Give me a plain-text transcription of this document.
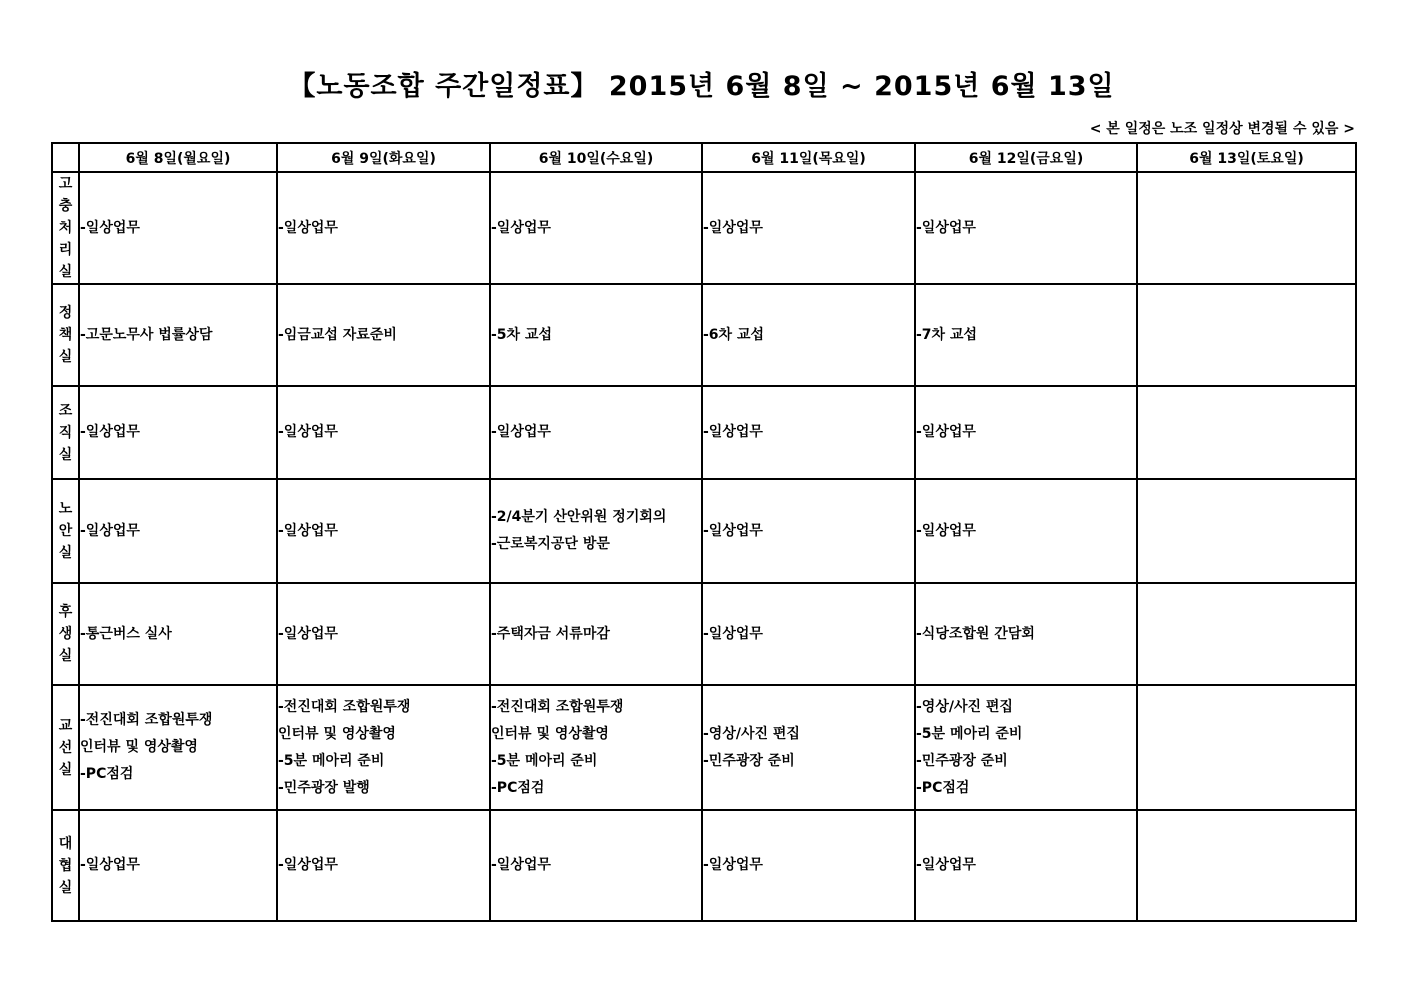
【노동조합 주간일정표】 2015년 6월 8일 ~ 2015년 6월 13일
< 본 일정은 노조 일정상 변경될 수 있음 >
	6월 8일(월요일)	6월 9일(화요일)	6월 10일(수요일)	6월 11일(목요일)	6월 12일(금요일)	6월 13일(토요일)

고
충
처
리
실	-일상업무	-일상업무	-일상업무	-일상업무	-일상업무	

정
책
실	-고문노무사 법률상담	-임금교섭 자료준비	-5차 교섭	-6차 교섭	-7차 교섭	

조
직
실	-일상업무	-일상업무	-일상업무	-일상업무	-일상업무	

노
안
실	-일상업무	-일상업무	-2/4분기 산안위원 정기회의
-근로복지공단 방문	-일상업무	-일상업무	

후
생
실	-통근버스 실사	-일상업무	-주택자금 서류마감	-일상업무	-식당조합원 간담회	

교
선
실	-전진대회 조합원투쟁
인터뷰 및 영상촬영
-PC점검	-전진대회 조합원투쟁
인터뷰 및 영상촬영
-5분 메아리 준비
-민주광장 발행	-전진대회 조합원투쟁
인터뷰 및 영상촬영
-5분 메아리 준비
-PC점검	-영상/사진 편집
-민주광장 준비	-영상/사진 편집
-5분 메아리 준비
-민주광장 준비
-PC점검	

대
협
실	-일상업무	-일상업무	-일상업무	-일상업무	-일상업무	
